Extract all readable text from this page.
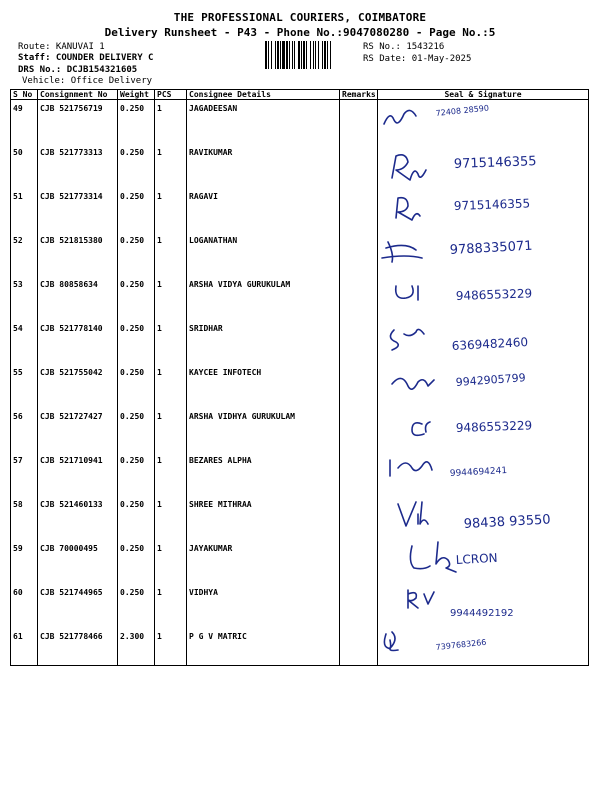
THE PROFESSIONAL COURIERS, COIMBATORE
Delivery Runsheet - P43 - Phone No.:9047080280 - Page No.:5
Route: KANUVAI 1
Staff: COUNDER DELIVERY C
DRS No.: DCJB154321605
Vehicle: Office Delivery
RS No.: 1543216
RS Date: 01-May-2025
S No	Consignment No	Weight	PCS	Consignee Details	Remarks	Seal & Signature
49	CJB 521756719	0.250	1	JAGADEESAN		72408 28590

50	CJB 521773313	0.250	1	RAVIKUMAR		9715146355

51	CJB 521773314	0.250	1	RAGAVI		9715146355

52	CJB 521815380	0.250	1	LOGANATHAN		9788335071

53	CJB 80858634	0.250	1	ARSHA VIDYA GURUKULAM		9486553229

54	CJB 521778140	0.250	1	SRIDHAR		6369482460

55	CJB 521755042	0.250	1	KAYCEE INFOTECH		9942905799

56	CJB 521727427	0.250	1	ARSHA VIDHYA GURUKULAM		9486553229

57	CJB 521710941	0.250	1	BEZARES ALPHA		9944694241

58	CJB 521460133	0.250	1	SHREE MITHRAA		98438 93550

59	CJB 70000495	0.250	1	JAYAKUMAR		LCRON

60	CJB 521744965	0.250	1	VIDHYA		9944492192

61	CJB 521778466	2.300	1	P G V MATRIC		7397683266
